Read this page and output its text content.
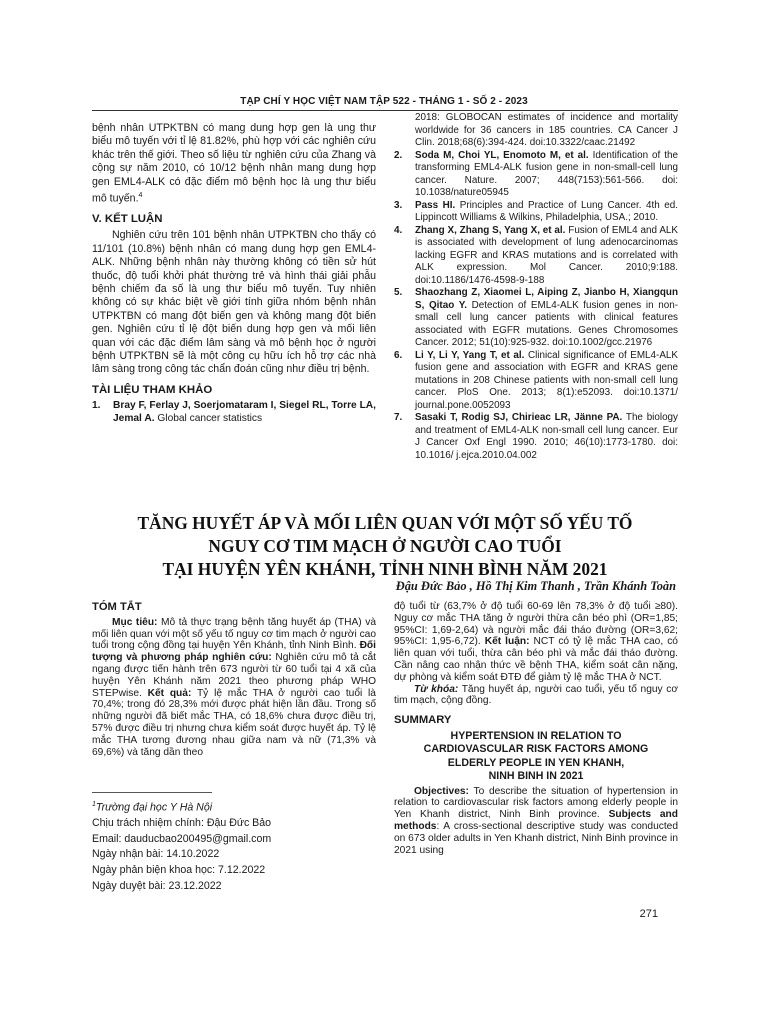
TẠP CHÍ Y HỌC VIỆT NAM TẬP 522 - THÁNG 1 - SỐ 2 - 2023

bệnh nhân UTPKTBN có mang dung hợp gen là ung thư biểu mô tuyến với tỉ lệ 81.82%, phù hợp với các nghiên cứu khác trên thế giới. Theo số liệu từ nghiên cứu của Zhang và cộng sự năm 2010, có 10/12 bệnh nhân mang dung hợp gen EML4-ALK có đặc điểm mô bệnh học là ung thư biểu mô tuyến.$^4$

V. KẾT LUẬN

Nghiên cứu trên 101 bệnh nhân UTPKTBN cho thấy có 11/101 (10.8%) bệnh nhân có mang dung hợp gen EML4-ALK. Những bệnh nhân này thường không có tiền sử hút thuốc, độ tuổi khởi phát thường trẻ và hình thái giải phẫu bệnh chiếm đa số là ung thư biểu mô tuyến. Tuy nhiên không có sự khác biệt về giới tính giữa nhóm bệnh nhân UTPKTBN có mang đột biến gen và không mang đột biến gen. Nghiên cứu tỉ lệ đột biến dung hợp gen và mối liên quan với các đặc điểm lâm sàng và mô bệnh học ở người bệnh UTPKTBN sẽ là một công cụ hữu ích hỗ trợ các nhà lâm sàng trong công tác chẩn đoán cũng như điều trị bệnh.

TÀI LIỆU THAM KHẢO
1.	Bray F, Ferlay J, Soerjomataram I, Siegel RL, Torre LA, Jemal A. Global cancer statistics
2018: GLOBOCAN estimates of incidence and mortality worldwide for 36 cancers in 185 countries. CA Cancer J Clin. 2018;68(6):394-424. doi:10.3322/caac.21492
2.	Soda M, Choi YL, Enomoto M, et al. Identification of the transforming EML4-ALK fusion gene in non-small-cell lung cancer. Nature. 2007; 448(7153):561-566. doi: 10.1038/nature05945
3.	Pass HI. Principles and Practice of Lung Cancer. 4th ed. Lippincott Williams & Wilkins, Philadelphia, USA.; 2010.
4.	Zhang X, Zhang S, Yang X, et al. Fusion of EML4 and ALK is associated with development of lung adenocarcinomas lacking EGFR and KRAS mutations and is correlated with ALK expression. Mol Cancer. 2010;9:188. doi:10.1186/1476-4598-9-188
5.	Shaozhang Z, Xiaomei L, Aiping Z, Jianbo H, Xiangqun S, Qitao Y. Detection of EML4-ALK fusion genes in non-small cell lung cancer patients with clinical features associated with EGFR mutations. Genes Chromosomes Cancer. 2012; 51(10):925-932. doi:10.1002/gcc.21976
6.	Li Y, Li Y, Yang T, et al. Clinical significance of EML4-ALK fusion gene and association with EGFR and KRAS gene mutations in 208 Chinese patients with non-small cell lung cancer. PloS One. 2013; 8(1):e52093. doi:10.1371/ journal.pone.0052093
7.	Sasaki T, Rodig SJ, Chirieac LR, Jänne PA. The biology and treatment of EML4-ALK non-small cell lung cancer. Eur J Cancer Oxf Engl 1990. 2010; 46(10):1773-1780. doi: 10.1016/ j.ejca.2010.04.002
TĂNG HUYẾT ÁP VÀ MỐI LIÊN QUAN VỚI MỘT SỐ YẾU TỐ
NGUY CƠ TIM MẠCH Ở NGƯỜI CAO TUỔI
TẠI HUYỆN YÊN KHÁNH, TỈNH NINH BÌNH NĂM 2021
Đậu Đức Bảo , Hồ Thị Kim Thanh , Trần Khánh Toàn
TÓM TẮT

Mục tiêu: Mô tả thực trạng bệnh tăng huyết áp (THA) và mối liên quan với một số yếu tố nguy cơ tim mạch ở người cao tuổi trong cộng đồng tại huyện Yên Khánh, tỉnh Ninh Bình. Đối tượng và phương pháp nghiên cứu: Nghiên cứu mô tả cắt ngang được tiến hành trên 673 người từ 60 tuổi tại 4 xã của huyện Yên Khánh năm 2021 theo phương pháp WHO STEPwise. Kết quả: Tỷ lệ mắc THA ở người cao tuổi là 70,4%; trong đó 28,3% mới được phát hiện lần đầu. Trong số những người đã biết mắc THA, có 18,6% chưa được điều trị, 57% được điều trị nhưng chưa kiểm soát được huyết áp. Tỷ lệ mắc THA tương đương nhau giữa nam và nữ (71,3% và 69,6%) và tăng dần theo

độ tuổi từ (63,7% ở độ tuổi 60-69 lên 78,3% ở độ tuổi ≥80). Nguy cơ mắc THA tăng ở người thừa cân béo phì (OR=1,85; 95%CI: 1,69-2,64) và người mắc đái tháo đường (OR=3,62; 95%CI: 1,95-6,72). Kết luận: NCT có tỷ lệ mắc THA cao, có liên quan với tuổi, thừa cân béo phì và mắc đái tháo đường. Cần nâng cao nhận thức về bệnh THA, kiểm soát cân nặng, dự phòng và kiểm soát ĐTĐ để giảm tỷ lệ mắc THA ở NCT.

Từ khóa: Tăng huyết áp, người cao tuổi, yếu tố nguy cơ tim mạch, cộng đồng.

SUMMARY
HYPERTENSION IN RELATION TO
CARDIOVASCULAR RISK FACTORS AMONG
ELDERLY PEOPLE IN YEN KHANH,
NINH BINH IN 2021

Objectives: To describe the situation of hypertension in relation to cardiovascular risk factors among elderly people in Yen Khanh district, Ninh Binh province. Subjects and methods: A cross-sectional descriptive study was conducted on 673 older adults in Yen Khanh district, Ninh Binh province in 2021 using

$^1$Trường đại học Y Hà Nội
Chịu trách nhiệm chính: Đậu Đức Bảo
Email: dauducbao200495@gmail.com
Ngày nhận bài: 14.10.2022
Ngày phản biện khoa học: 7.12.2022
Ngày duyệt bài: 23.12.2022
271
